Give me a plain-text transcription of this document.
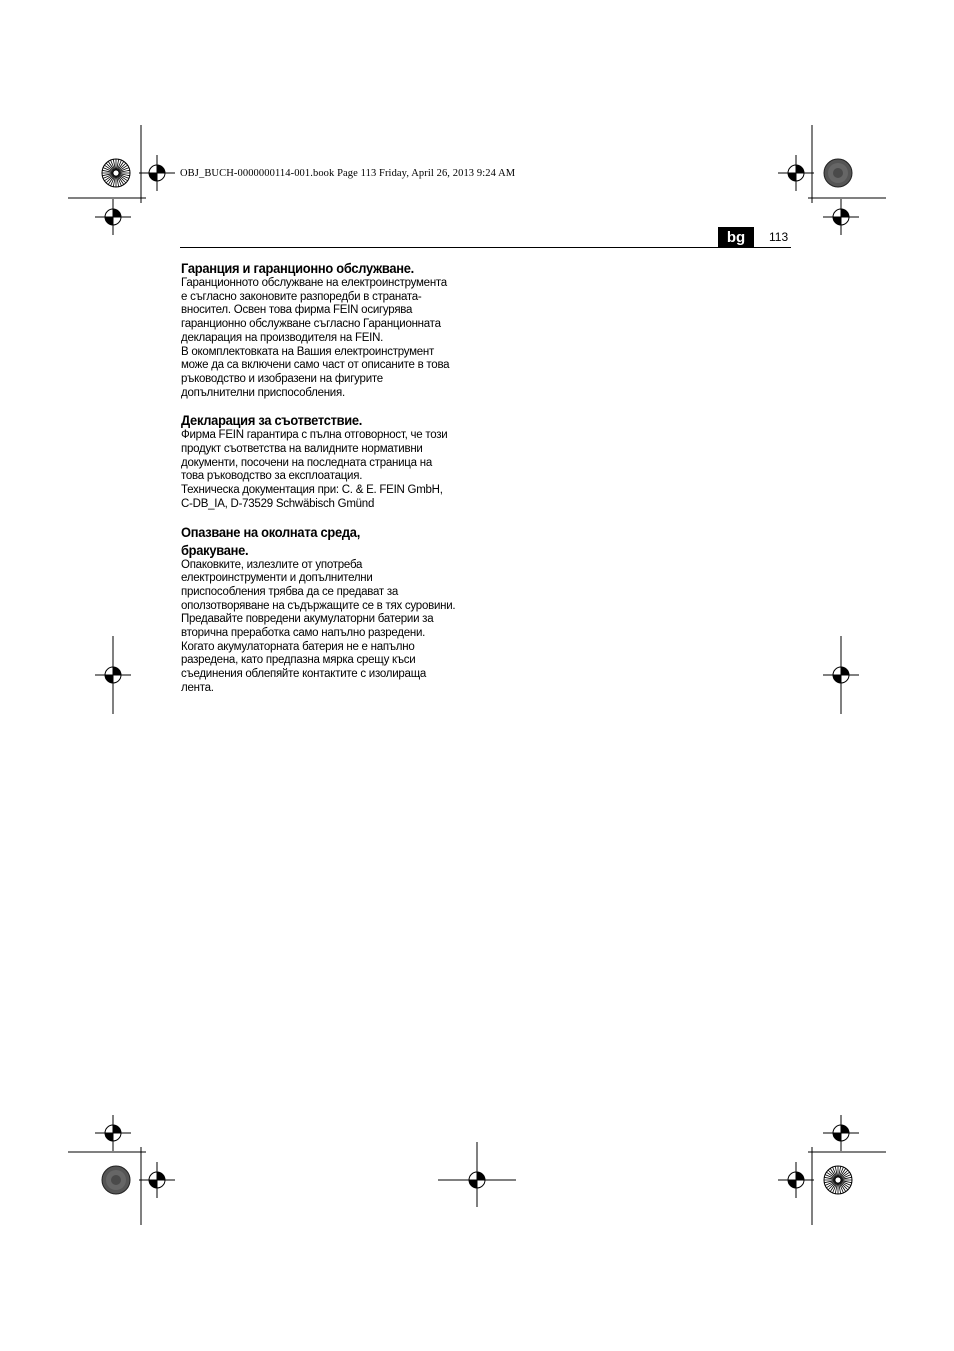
OBJ_BUCH-0000000114-001.book Page 113 Friday, April 26, 2013 9:24 AM
bg	113
Гаранция и гаранционно обслужване.
Гаранционното обслужване на електроинструмента
е съгласно законовите разпоредби в страната-
вносител. Освен това фирма FEIN осигурява
гаранционно обслужване съгласно Гаранционната
декларация на производителя на FEIN.
В окомплектовката на Вашия електроинструмент
може да са включени само част от описаните в това
ръководство и изобразени на фигурите
допълнителни приспособления.
Декларация за съответствие.
Фирма FEIN гарантира с пълна отговорност, че този
продукт съответства на валидните нормативни
документи, посочени на последната страница на
това ръководство за експлоатация.
Техническа документация при: C. & E. FEIN GmbH,
C-DB_IA, D-73529 Schwäbisch Gmünd
Опазване на околната среда,
бракуване.
Опаковките, излезлите от употреба
електроинструменти и допълнителни
приспособления трябва да се предават за
оползотворяване на съдържащите се в тях суровини.
Предавайте повредени акумулаторни батерии за
вторична преработка само напълно разредени.
Когато акумулаторната батерия не е напълно
разредена, като предпазна мярка срещу къси
съединения облепяйте контактите с изолираща
лента.
